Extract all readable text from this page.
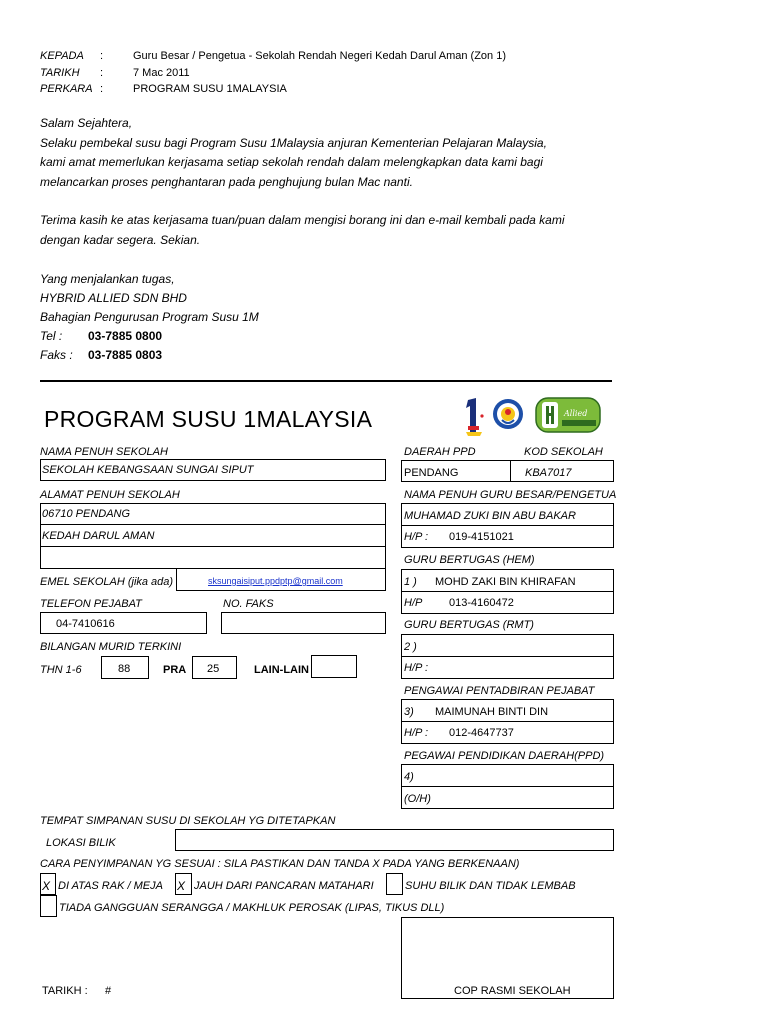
KEPADA :	Guru Besar / Pengetua - Sekolah Rendah Negeri Kedah Darul Aman (Zon 1)
TARIKH :	7 Mac 2011
PERKARA :	PROGRAM SUSU 1MALAYSIA
Salam Sejahtera,
Selaku pembekal susu bagi Program Susu 1Malaysia anjuran Kementerian Pelajaran Malaysia,
kami amat memerlukan kerjasama setiap sekolah rendah dalam melengkapkan data kami bagi
melancarkan proses penghantaran pada penghujung bulan Mac nanti.
Terima kasih ke atas kerjasama tuan/puan dalam mengisi borang ini dan e-mail kembali pada kami
dengan kadar segera. Sekian.
Yang menjalankan tugas,
HYBRID ALLIED SDN BHD
Bahagian Pengurusan Program Susu 1M
Tel : 03-7885 0800
Faks : 03-7885 0803
PROGRAM SUSU 1MALAYSIA	Allied
NAMA PENUH SEKOLAH
SEKOLAH KEBANGSAAN SUNGAI SIPUT
ALAMAT PENUH SEKOLAH
06710 PENDANG
KEDAH DARUL AMAN
EMEL SEKOLAH (jika ada)	sksungaisiput.ppdptp@gmail.com
TELEFON PEJABAT	NO. FAKS
04-7410616
BILANGAN MURID TERKINI
THN 1-6	88	PRA 25	LAIN-LAIN
DAERAH PPD	KOD SEKOLAH
PENDANG	KBA7017
NAMA PENUH GURU BESAR/PENGETUA
MUHAMAD ZUKI BIN ABU BAKAR
H/P : 019-4151021
GURU BERTUGAS (HEM)
1 ) MOHD ZAKI BIN KHIRAFAN
H/P 013-4160472
GURU BERTUGAS (RMT)
2 )
H/P :
PENGAWAI PENTADBIRAN PEJABAT
3) MAIMUNAH BINTI DIN
H/P : 012-4647737
PEGAWAI PENDIDIKAN DAERAH(PPD)
4)
(O/H)
TEMPAT SIMPANAN SUSU DI SEKOLAH YG DITETAPKAN
LOKASI BILIK
CARA PENYIMPANAN YG SESUAI : SILA PASTIKAN DAN TANDA X PADA YANG BERKENAAN)
X DI ATAS RAK / MEJA X JAUH DARI PANCARAN MATAHARI	SUHU BILIK DAN TIDAK LEMBAB
TIADA GANGGUAN SERANGGA / MAKHLUK PEROSAK (LIPAS, TIKUS DLL)
COP RASMI SEKOLAH
TARIKH : #
